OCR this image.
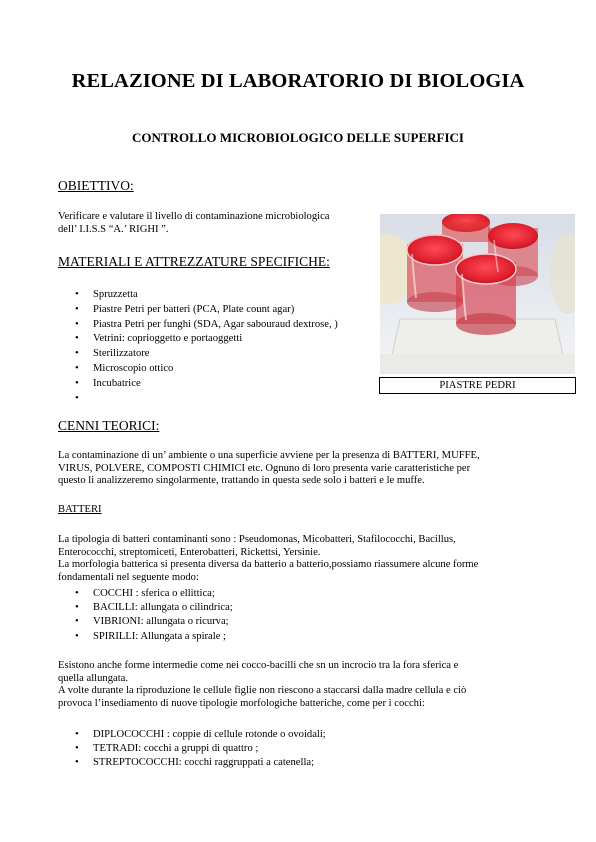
RELAZIONE DI LABORATORIO DI BIOLOGIA
CONTROLLO MICROBIOLOGICO DELLE SUPERFICI
OBIETTIVO:
Verificare e valutare il livello di contaminazione microbiologica
dell’ I.I.S.S “A.’ RIGHI ”.
MATERIALI E ATTREZZATURE SPECIFICHE:
• Spruzzetta
• Piastre Petri per batteri (PCA, Plate count agar)
• Piastra Petri per funghi (SDA, Agar sabouraud dextrose, )
• Vetrini: coprioggetto e portaoggetti
• Sterilizzatore
• Microscopio ottico
• Incubatrice
•	PIASTRE PEDRI
CENNI TEORICI:
La contaminazione di un’ ambiente o una superficie avviene per la presenza di BATTERI, MUFFE,
VIRUS, POLVERE, COMPOSTI CHIMICI etc. Ognuno di loro presenta varie caratteristiche per
questo li analizzeremo singolarmente, trattando in questa sede solo i batteri e le muffe.
BATTERI
La tipologia di batteri contaminanti sono : Pseudomonas, Micobatteri, Stafilococchi, Bacillus,
Enterococchi, streptomiceti, Enterobatteri, Rickettsi, Yersinie.
La morfologia batterica si presenta diversa da batterio a batterio,possiamo riassumere alcune forme
fondamentali nel seguente modo:
• COCCHI : sferica o ellittica;
• BACILLI: allungata o cilindrica;
• VIBRIONI: allungata o ricurva;
• SPIRILLI: Allungata a spirale ;
Esistono anche forme intermedie come nei cocco-bacilli che sn un incrocio tra la fora sferica e
quella allungata.
A volte durante la riproduzione le cellule figlie non riescono a staccarsi dalla madre cellula e ciò
provoca l’insediamento di nuove tipologie morfologiche batteriche, come per i cocchi:
• DIPLOCOCCHI : coppie di cellule rotonde o ovoidali;
• TETRADI: cocchi a gruppi di quattro ;
• STREPTOCOCCHI: cocchi raggruppati a catenella;
